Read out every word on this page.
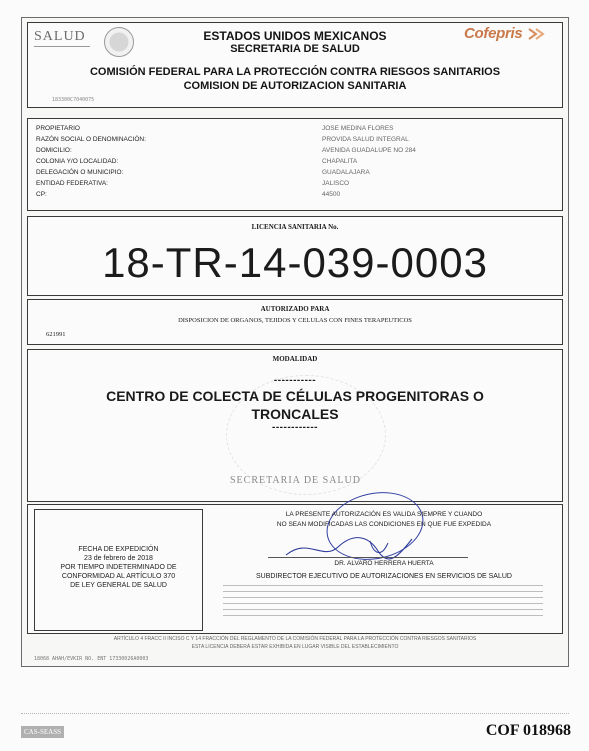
SALUD	ESTADOS UNIDOS MEXICANOS
SECRETARIA DE SALUD
COMISIÓN FEDERAL PARA LA PROTECCIÓN CONTRA RIESGOS SANITARIOS
COMISION DE AUTORIZACION SANITARIA
Cofepris
183300C7040075
PROPIETARIO	JOSE MEDINA FLORES
RAZÓN SOCIAL O DENOMINACIÓN:	PROVIDA SALUD INTEGRAL
DOMICILIO:	AVENIDA GUADALUPE NO 284
COLONIA Y/O LOCALIDAD:	CHAPALITA
DELEGACIÓN O MUNICIPIO:	GUADALAJARA
ENTIDAD FEDERATIVA:	JALISCO
CP:	44500
LICENCIA SANITARIA No.
18-TR-14-039-0003
AUTORIZADO PARA
DISPOSICION DE ORGANOS, TEJIDOS Y CELULAS CON FINES TERAPEUTICOS
621991
MODALIDAD
-----------
CENTRO DE COLECTA DE CÉLULAS PROGENITORAS O
TRONCALES
------------
SECRETARIA DE SALUD
FECHA DE EXPEDICIÓN
23 de febrero de 2018
POR TIEMPO INDETERMINADO DE
CONFORMIDAD AL ARTÍCULO 370
DE LEY GENERAL DE SALUD
LA PRESENTE AUTORIZACIÓN ES VALIDA SIEMPRE Y CUANDO
NO SEAN MODIFICADAS LAS CONDICIONES EN QUE FUE EXPEDIDA
DR. ALVARO HERRERA HUERTA
SUBDIRECTOR EJECUTIVO DE AUTORIZACIONES EN SERVICIOS DE SALUD
ARTÍCULO 4 FRACC II INCISO C Y 14 FRACCIÓN DEL REGLAMENTO DE LA COMISIÓN FEDERAL PARA LA PROTECCIÓN CONTRA RIESGOS SANITARIOS
ESTA LICENCIA DEBERÁ ESTAR EXHIBIDA EN LUGAR VISIBLE DEL ESTABLECIMIENTO
18068 AHAH/EVKIR NO. ENT 17330026A0003
CAS-SEASS	COF 018968
